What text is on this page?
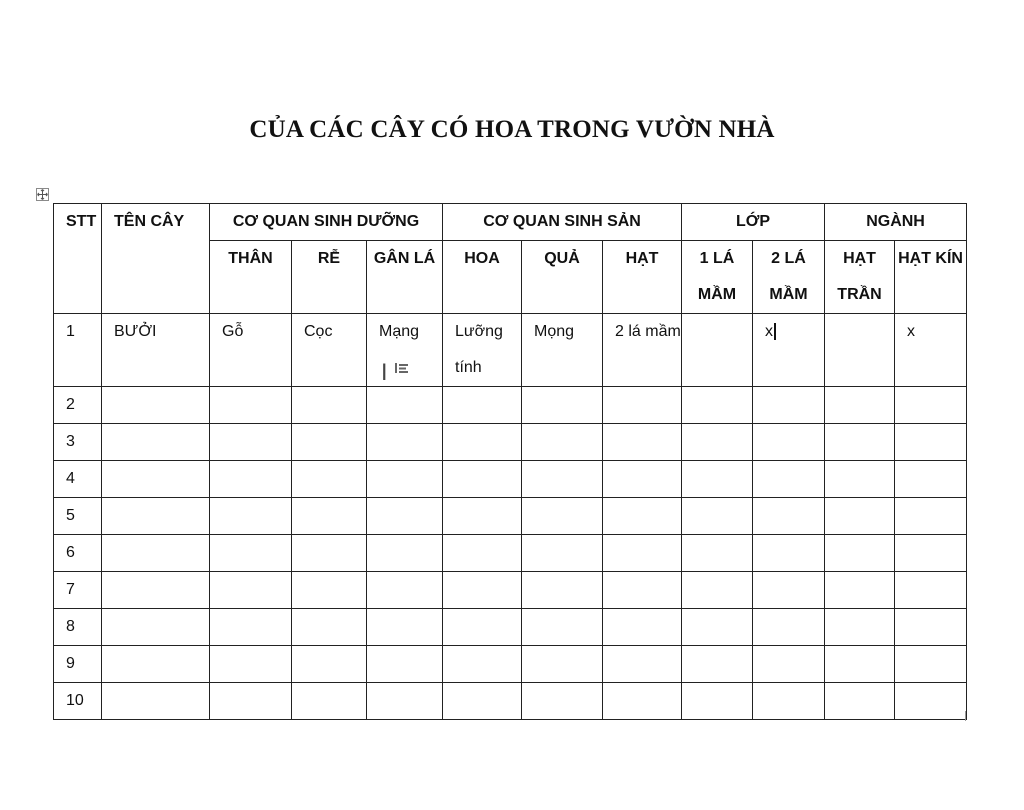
CỦA CÁC CÂY CÓ HOA TRONG VƯỜN NHÀ
STT	TÊN CÂY	CƠ QUAN SINH DƯỠNG			CƠ QUAN SINH SẢN			LỚP		NGÀNH	
		THÂN	RỄ	GÂN LÁ	HOA	QUẢ	HẠT	1 LÁ MẦM	2 LÁ MẦM	HẠT TRẦN	HẠT KÍN
1	BƯỞI	Gỗ	Cọc	Mạng	Lưỡng tính	Mọng	2 lá mầm		x		x
2											
3											
4											
5											
6											
7											
8											
9											
10											
I
